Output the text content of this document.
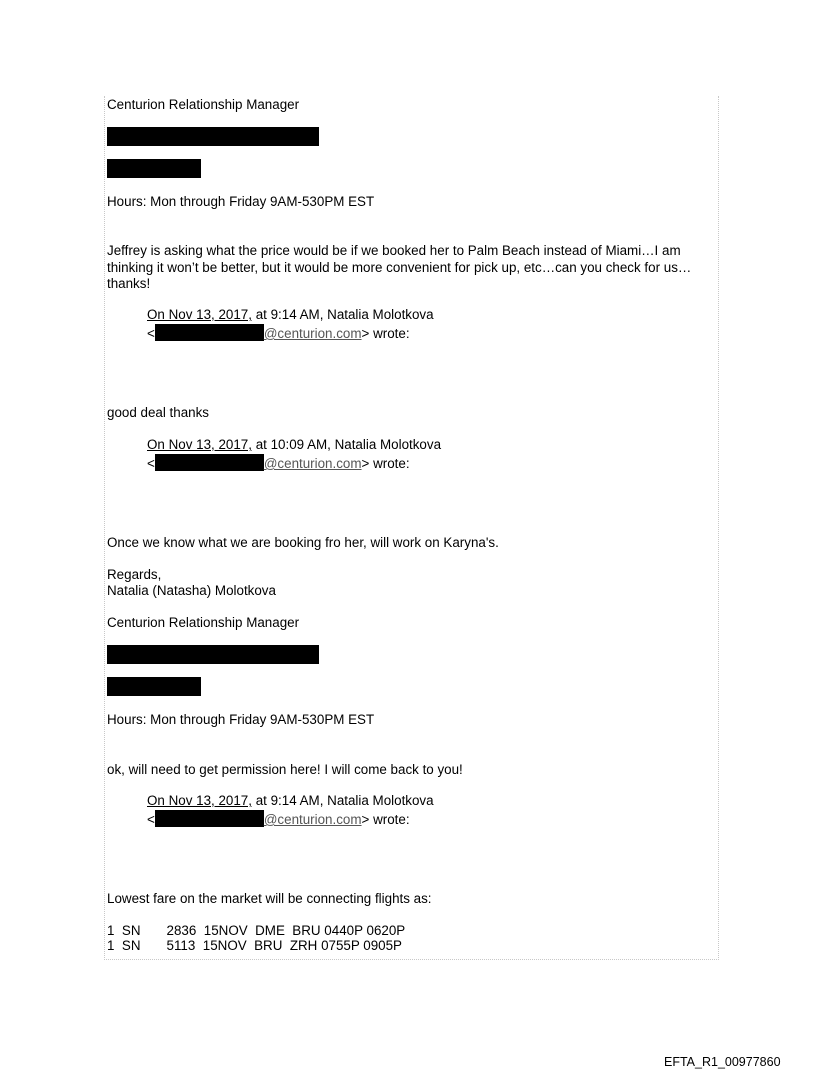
Centurion Relationship Manager
Hours: Mon through Friday 9AM-530PM EST
Jeffrey is asking what the price would be if we booked her to Palm Beach instead of Miami…I am thinking it won’t be better, but it would be more convenient for pick up, etc…can you check for us…thanks!
On Nov 13, 2017, at 9:14 AM, Natalia Molotkova
<	@centurion.com> wrote:
good deal thanks
On Nov 13, 2017, at 10:09 AM, Natalia Molotkova
<	@centurion.com> wrote:
Once we know what we are booking fro her, will work on Karyna's.
Regards,
Natalia (Natasha) Molotkova
Centurion Relationship Manager
Hours: Mon through Friday 9AM-530PM EST
ok, will need to get permission here! I will come back to you!
On Nov 13, 2017, at 9:14 AM, Natalia Molotkova
<	@centurion.com> wrote:
Lowest fare on the market will be connecting flights as:
1  SN       2836  15NOV  DME  BRU 0440P 0620P
1  SN       5113  15NOV  BRU  ZRH 0755P 0905P
EFTA_R1_00977860
